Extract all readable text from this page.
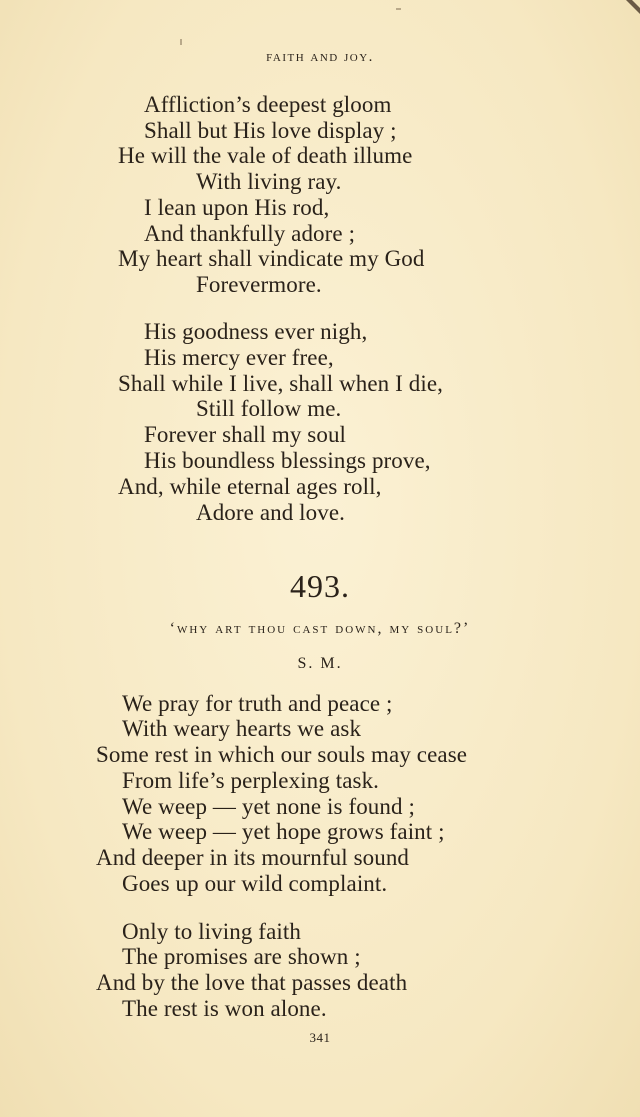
faith and joy.
Affliction’s deepest gloom
Shall but His love display ;
He will the vale of death illume
With living ray.
I lean upon His rod,
And thankfully adore ;
My heart shall vindicate my God
Forevermore.
His goodness ever nigh,
His mercy ever free,
Shall while I live, shall when I die,
Still follow me.
Forever shall my soul
His boundless blessings prove,
And, while eternal ages roll,
Adore and love.
493.
‘why art thou cast down, my soul?’
S. M.
We pray for truth and peace ;
With weary hearts we ask
Some rest in which our souls may cease
From life’s perplexing task.
We weep — yet none is found ;
We weep — yet hope grows faint ;
And deeper in its mournful sound
Goes up our wild complaint.
Only to living faith
The promises are shown ;
And by the love that passes death
The rest is won alone.
341
